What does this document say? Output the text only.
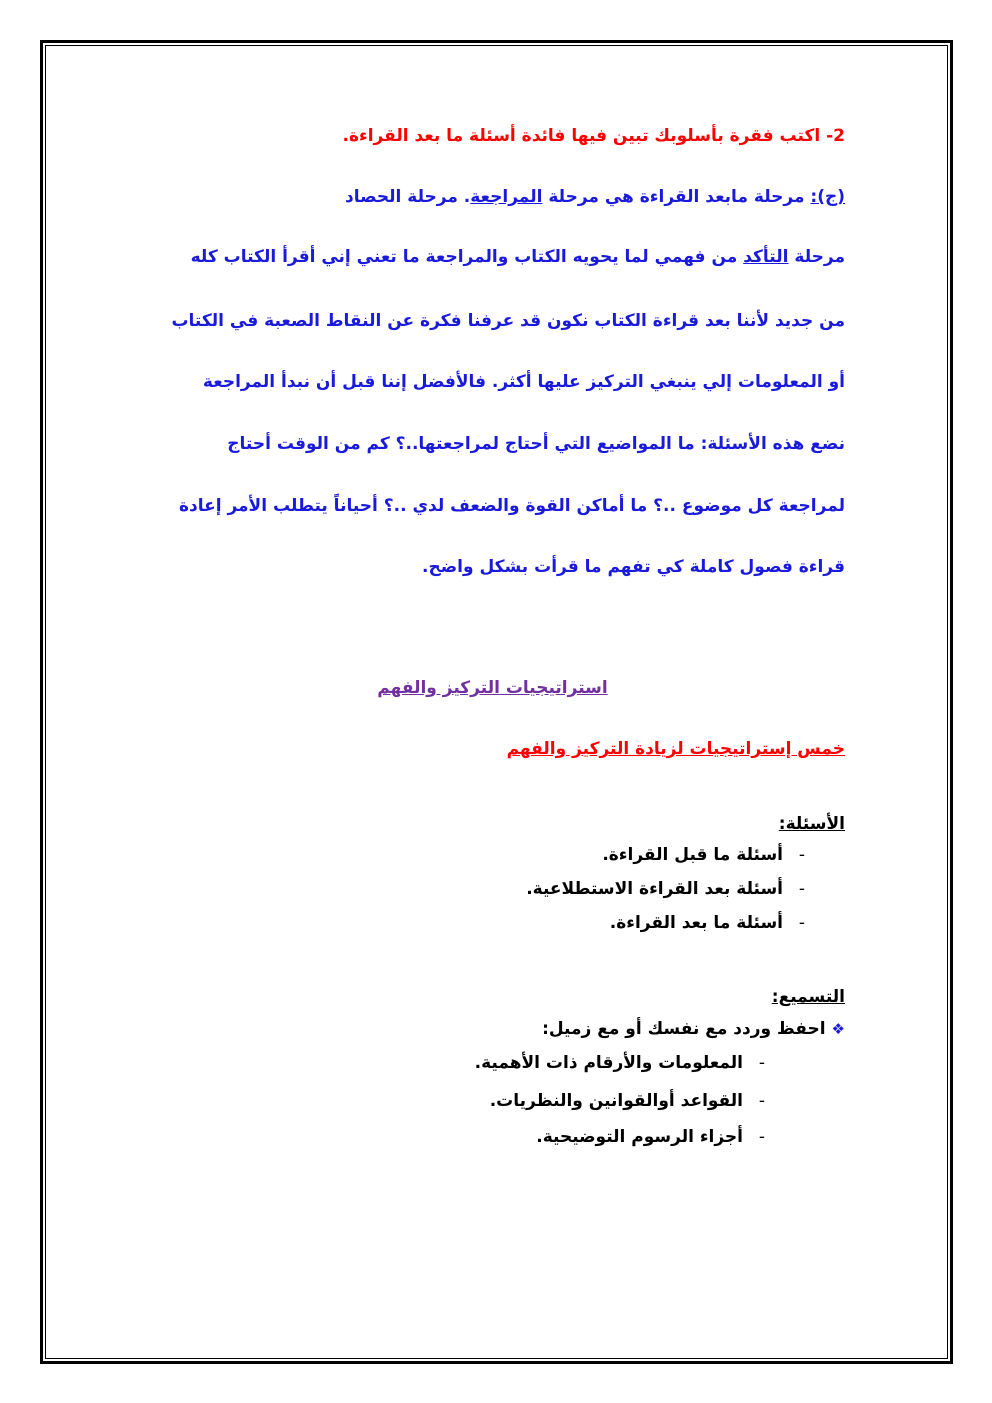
2- اكتب فقرة بأسلوبك تبين فيها فائدة أسئلة ما بعد القراءة.
(ج): مرحلة مابعد القراءة هي مرحلة المراجعة. مرحلة الحصاد
مرحلة التأكد من فهمي لما يحويه الكتاب والمراجعة ما تعني إني أقرأ الكتاب كله
من جديد لأننا بعد قراءة الكتاب نكون قد عرفنا فكرة عن النقاط الصعبة في الكتاب
أو المعلومات إلي ينبغي التركيز عليها أكثر. فالأفضل إننا قبل أن نبدأ المراجعة
نضع هذه الأسئلة: ما المواضيع التي أحتاج لمراجعتها..؟ كم من الوقت أحتاج
لمراجعة كل موضوع ..؟ ما أماكن القوة والضعف لدي ..؟ أحياناً يتطلب الأمر إعادة
قراءة فصول كاملة كي تفهم ما قرأت بشكل واضح.
استراتيجيات التركيز والفهم
خمس إستراتيجيات لزيادة التركيز والفهم
الأسئلة:
-أسئلة ما قبل القراءة.
-أسئلة بعد القراءة الاستطلاعية.
-أسئلة ما بعد القراءة.
التسميع:
❖احفظ وردد مع نفسك أو مع زميل:
-المعلومات والأرقام ذات الأهمية.
-القواعد أوالقوانين والنظريات.
-أجزاء الرسوم التوضيحية.
